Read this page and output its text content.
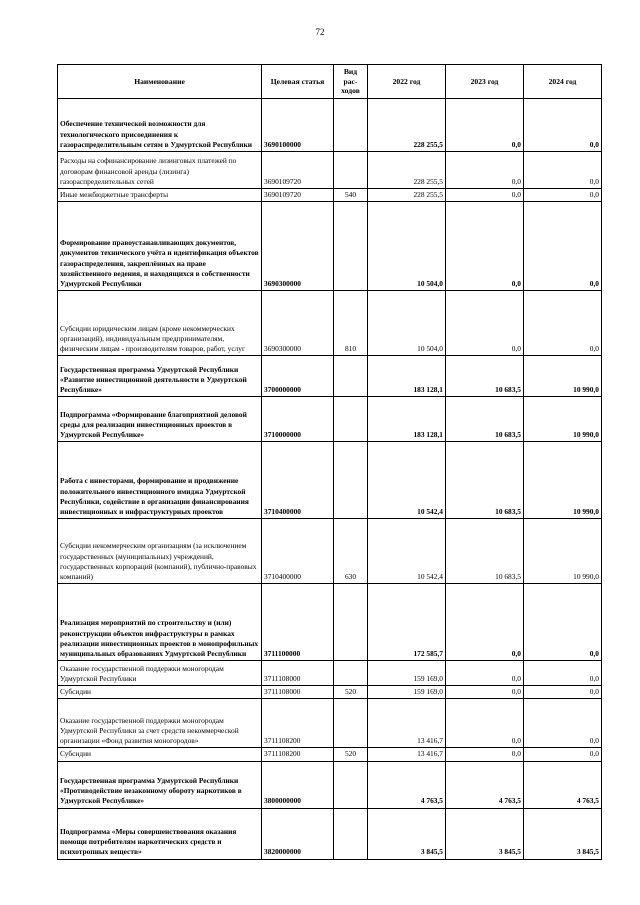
72
Наименование	Целевая статья	Вид рас-ходов	2022 год	2023 год	2024 год
Обеспечение технической возможности для технологического присоединения к газораспределительным сетям в Удмуртской Республики	3690100000		228 255,5	0,0	0,0
Расходы на софинансирование лизинговых платежей по договорам финансовой аренды (лизинга) газораспределительных сетей	3690109720		228 255,5	0,0	0,0
Иные межбюджетные трансферты	3690109720	540	228 255,5	0,0	0,0
Формирование правоустанавливающих документов, документов технического учёта и идентификация объектов газораспределения, закреплённых на праве хозяйственного ведения, и находящихся в собственности Удмуртской Республики	3690300000		10 504,0	0,0	0,0
Субсидии юридическим лицам (кроме некоммерческих организаций), индивидуальным предпринимателям, физическим лицам - производителям товаров, работ, услуг	3690300000	810	10 504,0	0,0	0,0
Государственная программа Удмуртской Республики «Развитие инвестиционной деятельности в Удмуртской Республике»	3700000000		183 128,1	10 683,5	10 990,0
Подпрограмма «Формирование благоприятной деловой среды для реализации инвестиционных проектов в Удмуртской Республике»	3710000000		183 128,1	10 683,5	10 990,0
Работа с инвесторами, формирование и продвижение положительного инвестиционного имиджа Удмуртской Республики, содействие в организации финансирования инвестиционных и инфраструктурных проектов	3710400000		10 542,4	10 683,5	10 990,0
Субсидии некоммерческим организациям (за исключением государственных (муниципальных) учреждений, государственных корпораций (компаний), публично-правовых компаний)	3710400000	630	10 542,4	10 683,5	10 990,0
Реализация мероприятий по строительству и (или) реконструкции объектов инфраструктуры в рамках реализации инвестиционных проектов в монопрофильных муниципальных образованиях Удмуртской Республики	3711100000		172 585,7	0,0	0,0
Оказание государственной поддержки моногородам Удмуртской Республики	3711108000		159 169,0	0,0	0,0
Субсидии	3711108000	520	159 169,0	0,0	0,0
Оказание государственной поддержки моногородам Удмуртской Республики за счет средств некоммерческой организации «Фонд развития моногородов»	3711108200		13 416,7	0,0	0,0
Субсидии	3711108200	520	13 416,7	0,0	0,0
Государственная программа Удмуртской Республики «Противодействие незаконному обороту наркотиков в Удмуртской Республике»	3800000000		4 763,5	4 763,5	4 763,5
Подпрограмма «Меры совершенствования оказания помощи потребителям наркотических средств и психотропных веществ»	3820000000		3 845,5	3 845,5	3 845,5
